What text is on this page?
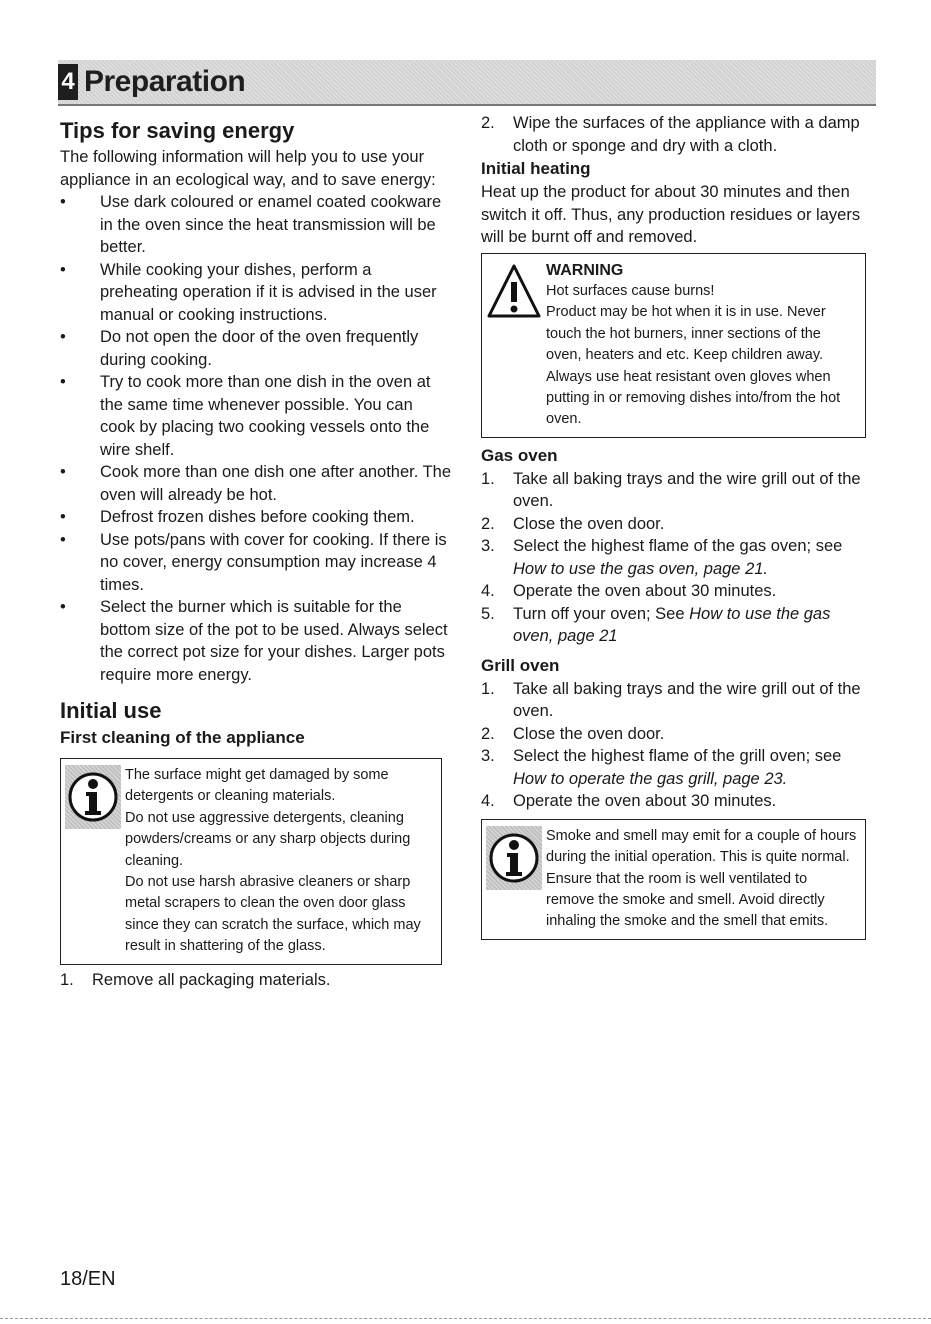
4 Preparation
Tips for saving energy

The following information will help you to use your appliance in an ecological way, and to save energy:

• Use dark coloured or enamel coated cookware in the oven since the heat transmission will be better.
• While cooking your dishes, perform a preheating operation if it is advised in the user manual or cooking instructions.
• Do not open the door of the oven frequently during cooking.
• Try to cook more than one dish in the oven at the same time whenever possible. You can cook by placing two cooking vessels onto the wire shelf.
• Cook more than one dish one after another. The oven will already be hot.
• Defrost frozen dishes before cooking them.
• Use pots/pans with cover for cooking. If there is no cover, energy consumption may increase 4 times.
• Select the burner which is suitable for the bottom size of the pot to be used. Always select the correct pot size for your dishes. Larger pots require more energy.
Initial use
First cleaning of the appliance

The surface might get damaged by some detergents or cleaning materials.

Do not use aggressive detergents, cleaning powders/creams or any sharp objects during cleaning.

Do not use harsh abrasive cleaners or sharp metal scrapers to clean the oven door glass since they can scratch the surface, which may result in shattering of the glass.

1. Remove all packaging materials.
2. Wipe the surfaces of the appliance with a damp cloth or sponge and dry with a cloth.
Initial heating

Heat up the product for about 30 minutes and then switch it off. Thus, any production residues or layers will be burnt off and removed.

WARNING

Hot surfaces cause burns!

Product may be hot when it is in use. Never touch the hot burners, inner sections of the oven, heaters and etc. Keep children away. Always use heat resistant oven gloves when putting in or removing dishes into/from the hot oven.

Gas oven
1. Take all baking trays and the wire grill out of the oven.
2. Close the oven door.
3. Select the highest flame of the gas oven; see How to use the gas oven, page 21.
4. Operate the oven about 30 minutes.
5. Turn off your oven; See How to use the gas oven, page 21
Grill oven
1. Take all baking trays and the wire grill out of the oven.
2. Close the oven door.
3. Select the highest flame of the grill oven; see How to operate the gas grill, page 23.
4. Operate the oven about 30 minutes.

Smoke and smell may emit for a couple of hours during the initial operation. This is quite normal. Ensure that the room is well ventilated to remove the smoke and smell. Avoid directly inhaling the smoke and the smell that emits.

18/EN
